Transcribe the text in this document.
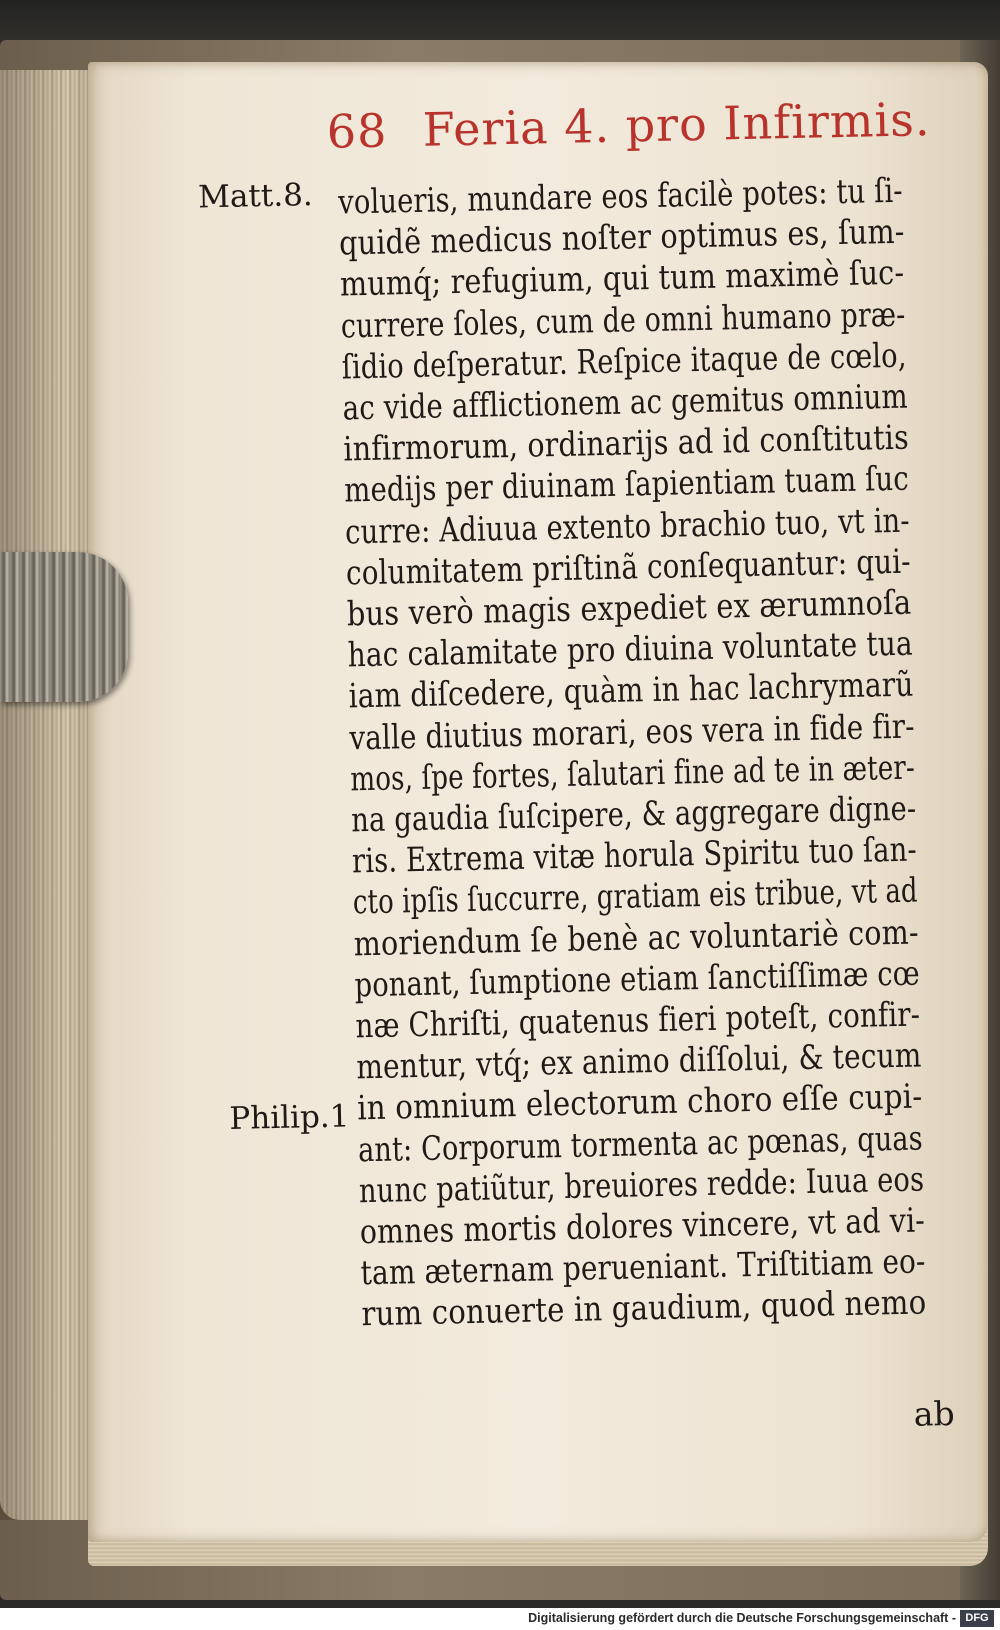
68 Feria 4. pro Infirmis.
Matt.8.
Philip.1
volueris, mundare eos facilè potes: tu ſi-
quidẽ medicus noſter optimus es, ſum-
mumq́; refugium, qui tum maximè ſuc-
currere ſoles, cum de omni humano præ-
ſidio deſperatur. Reſpice itaque de cœlo,
ac vide afflictionem ac gemitus omnium
infirmorum, ordinarijs ad id conſtitutis
medijs per diuinam ſapientiam tuam ſuc
curre: Adiuua extento brachio tuo, vt in-
columitatem priſtinã conſequantur: qui-
bus verò magis expediet ex ærumnoſa
hac calamitate pro diuina voluntate tua
iam diſcedere, quàm in hac lachrymarũ
valle diutius morari, eos vera in fide fir-
mos, ſpe fortes, ſalutari fine ad te in æter-
na gaudia ſuſcipere, & aggregare digne-
ris. Extrema vitæ horula Spiritu tuo ſan-
cto ipſis ſuccurre, gratiam eis tribue, vt ad
moriendum ſe benè ac voluntariè com-
ponant, ſumptione etiam ſanctiſſimæ cœ
næ Chriſti, quatenus fieri poteſt, confir-
mentur, vtq́; ex animo diſſolui, & tecum
in omnium electorum choro eſſe cupi-
ant: Corporum tormenta ac pœnas, quas
nunc patiũtur, breuiores redde: Iuua eos
omnes mortis dolores vincere, vt ad vi-
tam æternam perueniant. Triſtitiam eo-
rum conuerte in gaudium, quod nemo
ab
Digitalisierung gefördert durch die Deutsche Forschungsgemeinschaft - DFG
